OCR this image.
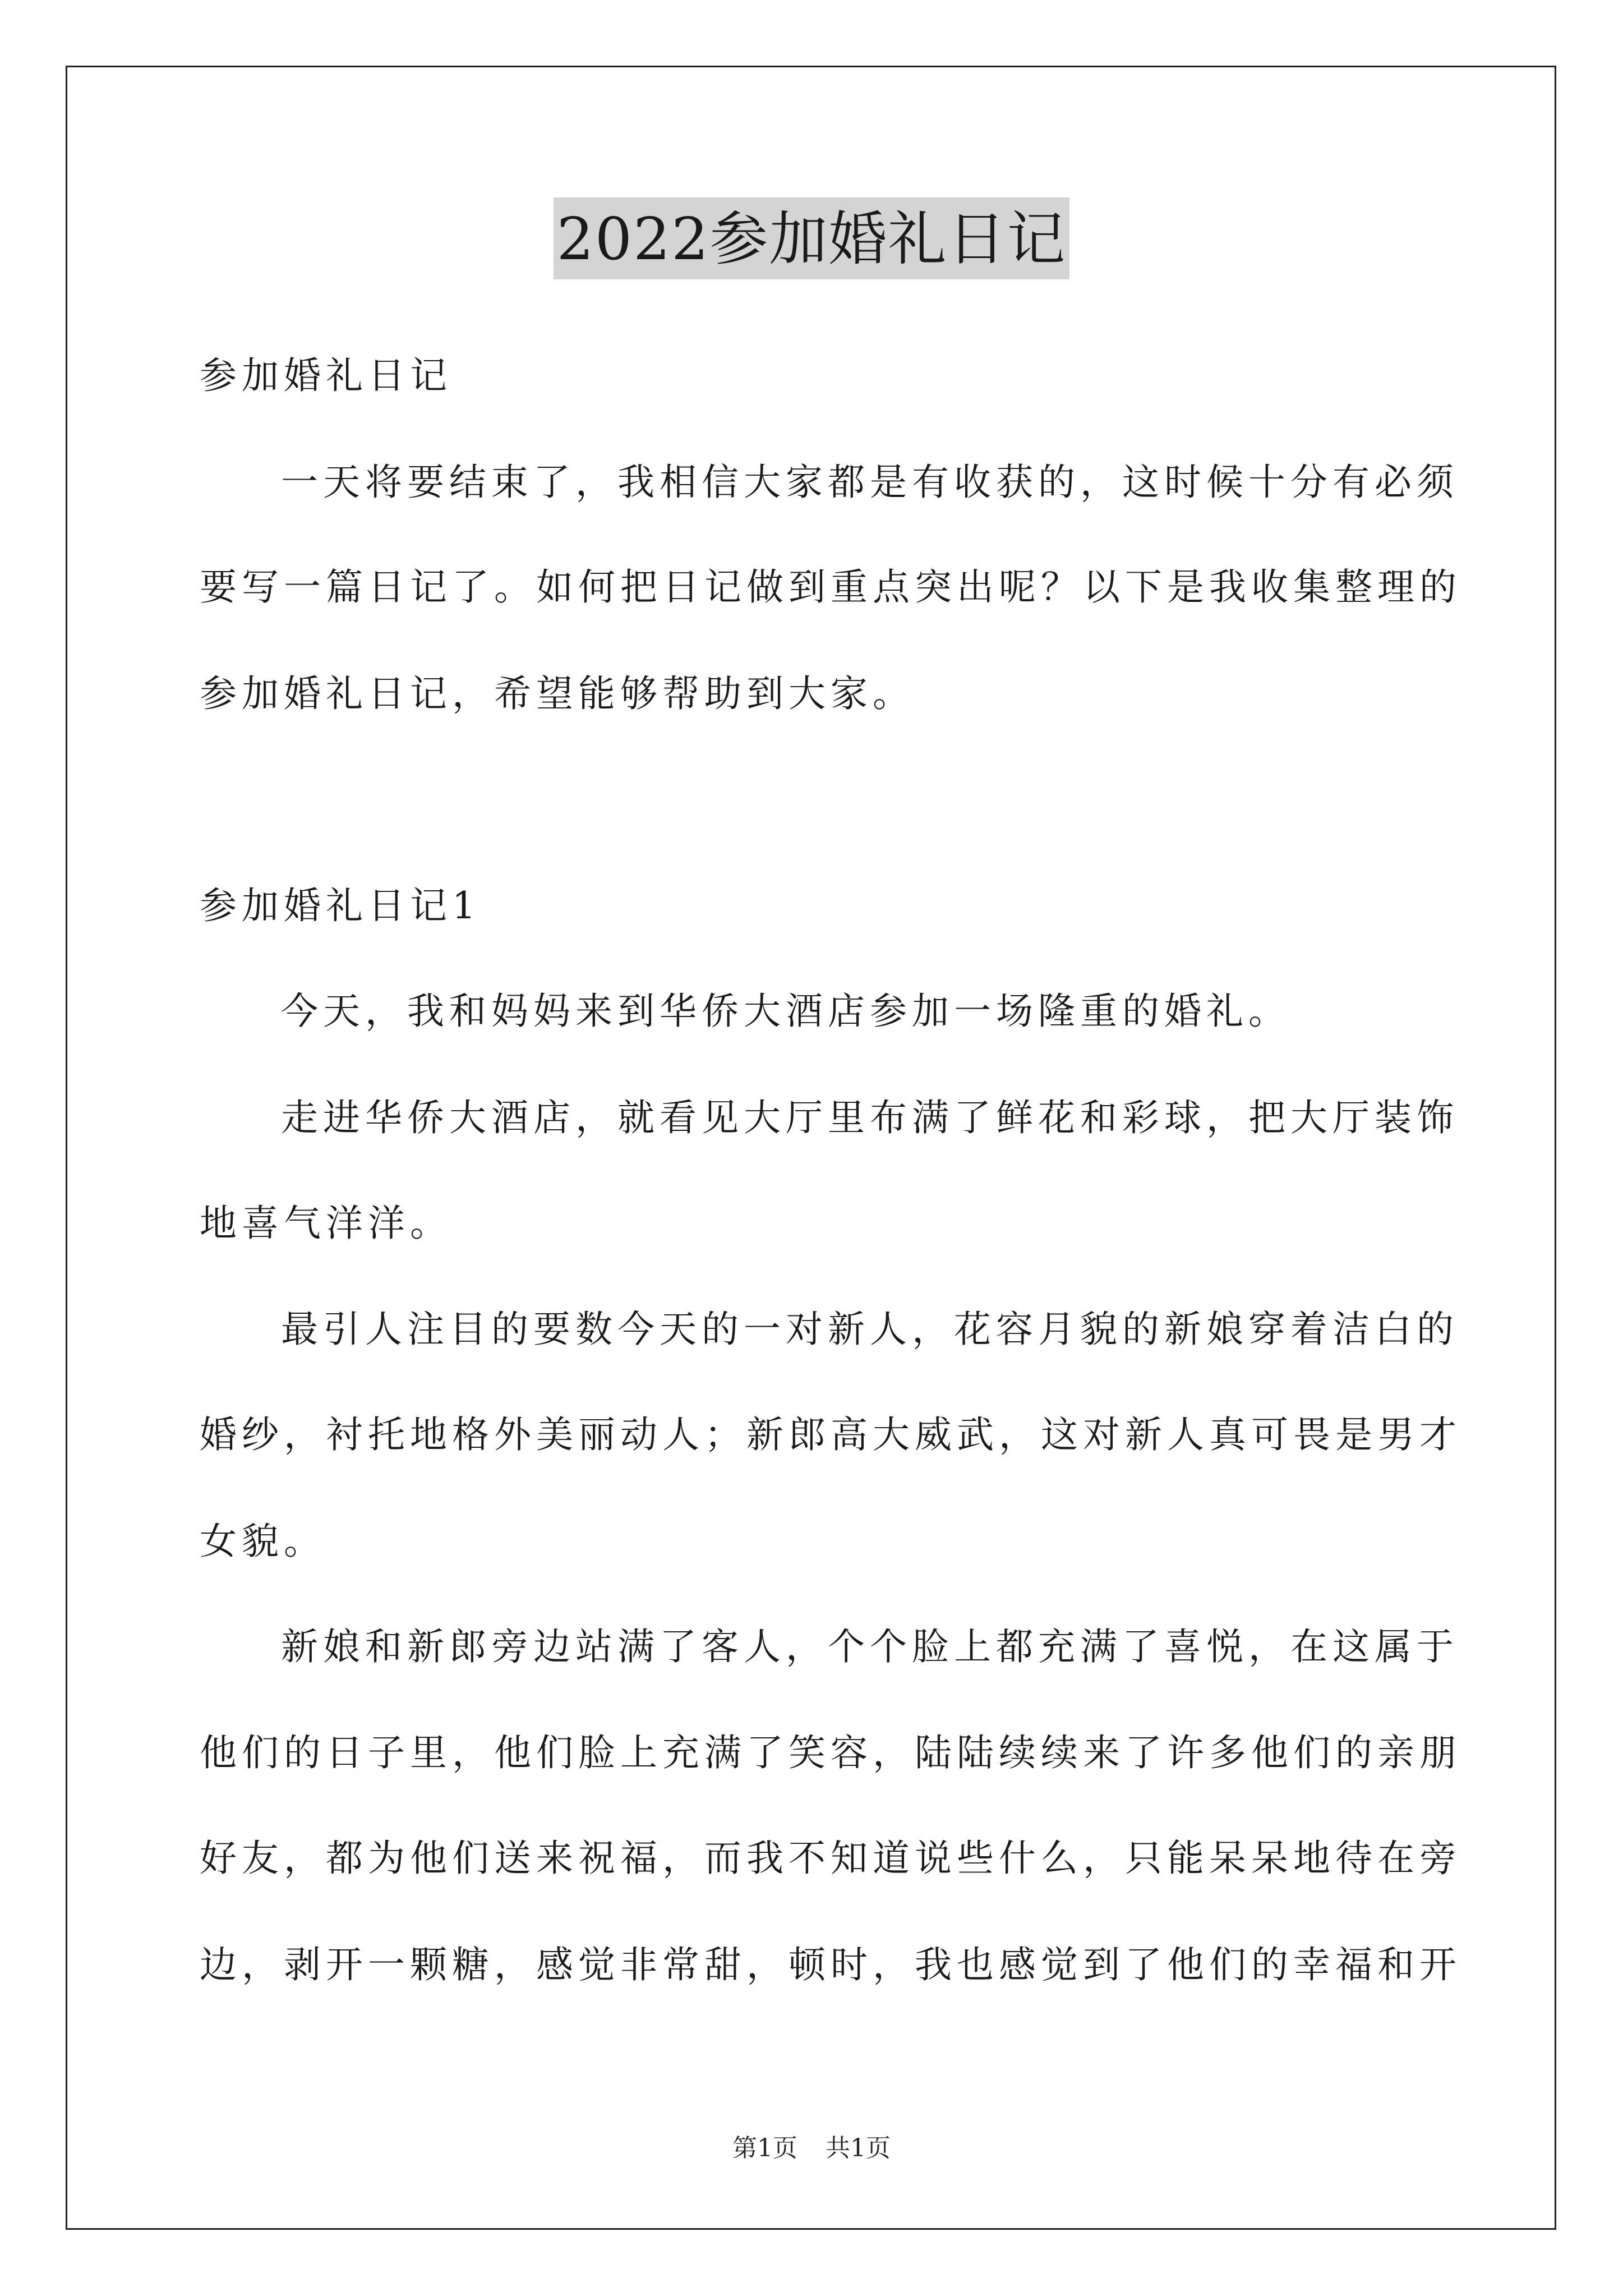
2022参加婚礼日记
参加婚礼日记
一天将要结束了，我相信大家都是有收获的，这时候十分有必须
要写一篇日记了。如何把日记做到重点突出呢？以下是我收集整理的
参加婚礼日记，希望能够帮助到大家。
参加婚礼日记1
今天，我和妈妈来到华侨大酒店参加一场隆重的婚礼。
走进华侨大酒店，就看见大厅里布满了鲜花和彩球，把大厅装饰
地喜气洋洋。
最引人注目的要数今天的一对新人，花容月貌的新娘穿着洁白的
婚纱，衬托地格外美丽动人；新郎高大威武，这对新人真可畏是男才
女貌。
新娘和新郎旁边站满了客人，个个脸上都充满了喜悦，在这属于
他们的日子里，他们脸上充满了笑容，陆陆续续来了许多他们的亲朋
好友，都为他们送来祝福，而我不知道说些什么，只能呆呆地待在旁
边，剥开一颗糖，感觉非常甜，顿时，我也感觉到了他们的幸福和开
第1页 共1页
